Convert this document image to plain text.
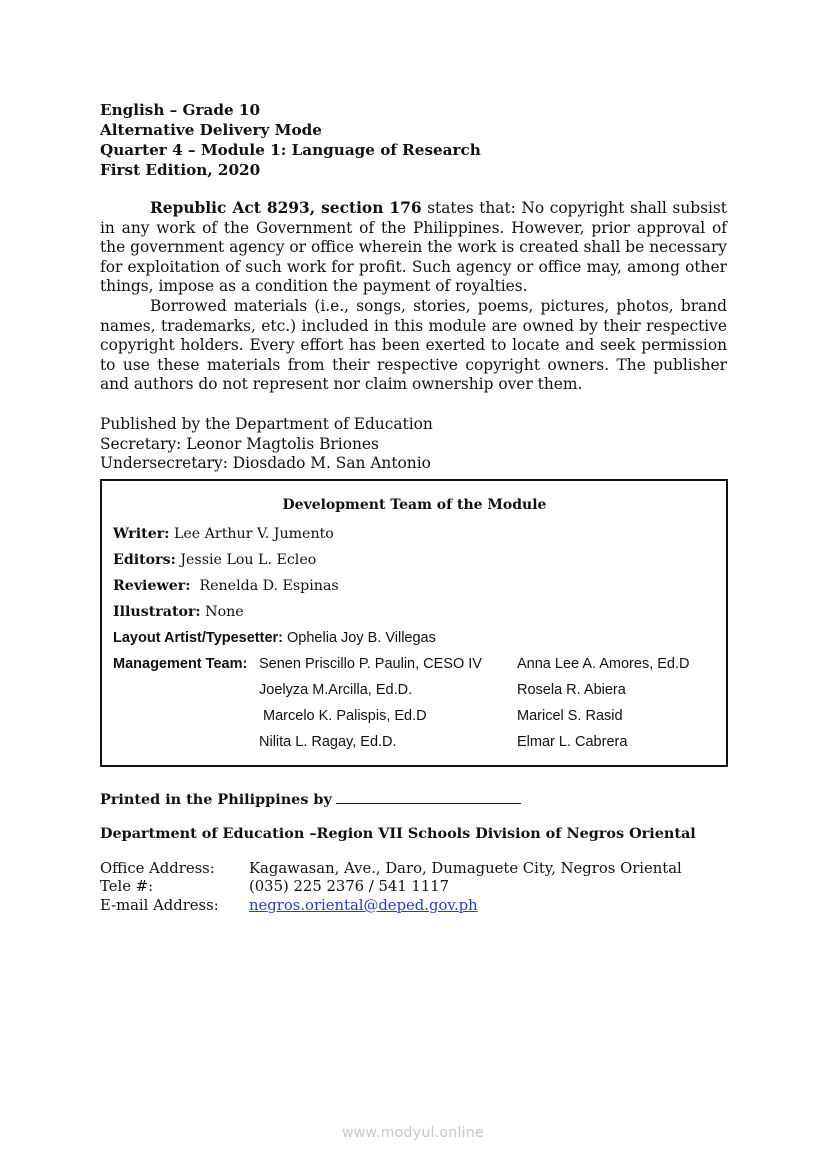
English – Grade 10

Alternative Delivery Mode

Quarter 4 – Module 1: Language of Research

First Edition, 2020

Republic Act 8293, section 176 states that: No copyright shall subsist in any work of the Government of the Philippines. However, prior approval of the government agency or office wherein the work is created shall be necessary for exploitation of such work for profit. Such agency or office may, among other things, impose as a condition the payment of royalties.

Borrowed materials (i.e., songs, stories, poems, pictures, photos, brand names, trademarks, etc.) included in this module are owned by their respective copyright holders. Every effort has been exerted to locate and seek permission to use these materials from their respective copyright owners. The publisher and authors do not represent nor claim ownership over them.

Published by the Department of Education
Secretary: Leonor Magtolis Briones
Undersecretary: Diosdado M. San Antonio
Development Team of the Module
Writer: Lee Arthur V. Jumento
Editors: Jessie Lou L. Ecleo
Reviewer:  Renelda D. Espinas
Illustrator: None
Layout Artist/Typesetter: Ophelia Joy B. Villegas
Management Team: Senen Priscillo P. Paulin, CESO IV	Anna Lee A. Amores, Ed.D
Joelyza M.Arcilla, Ed.D.	Rosela R. Abiera
Marcelo K. Palispis, Ed.D	Maricel S. Rasid
Nilita L. Ragay, Ed.D.	Elmar L. Cabrera
Printed in the Philippines by
Department of Education –Region VII Schools Division of Negros Oriental
Office Address:	Kagawasan, Ave., Daro, Dumaguete City, Negros Oriental
Tele #:	(035) 225 2376 / 541 1117
E-mail Address:	negros.oriental@deped.gov.ph
www.modyul.online
